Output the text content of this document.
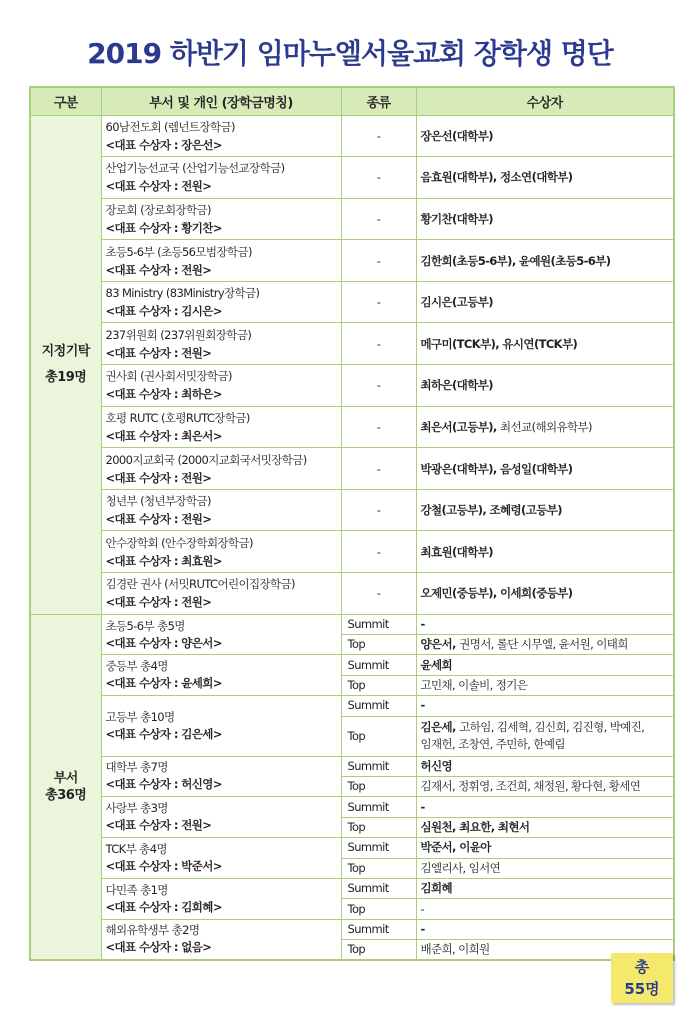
2019 하반기 임마누엘서울교회 장학생 명단
구분	부서 및 개인 (장학금명칭)	종류	수상자
지정기탁
총19명	60남전도회 (렘넌트장학금)
<대표 수상자 : 장은선>	-	장은선(대학부)

	산업기능선교국 (산업기능선교장학금)
<대표 수상자 : 전원>	-	음효원(대학부), 정소연(대학부)

	장로회 (장로회장학금)
<대표 수상자 : 황기찬>	-	황기찬(대학부)

	초등5-6부 (초등56모범장학금)
<대표 수상자 : 전원>	-	김한희(초등5-6부), 윤예원(초등5-6부)

	83 Ministry (83Ministry장학금)
<대표 수상자 : 김시은>	-	김시은(고등부)

	237위원회 (237위원회장학금)
<대표 수상자 : 전원>	-	메구미(TCK부), 유시연(TCK부)

	권사회 (권사회서밋장학금)
<대표 수상자 : 최하은>	-	최하은(대학부)

	호평 RUTC (호평RUTC장학금)
<대표 수상자 : 최은서>	-	최은서(고등부), 최선교(해외유학부)

	2000지교회국 (2000지교회국서밋장학금)
<대표 수상자 : 전원>	-	박광은(대학부), 음성일(대학부)

	청년부 (청년부장학금)
<대표 수상자 : 전원>	-	강철(고등부), 조혜령(고등부)

	안수장학회 (안수장학회장학금)
<대표 수상자 : 최효원>	-	최효원(대학부)

	김경란 권사 (서밋RUTC어린이집장학금)
<대표 수상자 : 전원>	-	오제민(중등부), 이세희(중등부)
부서
총36명	초등5-6부 총5명
<대표 수상자 : 양은서>	Summit	-
		Top	양은서, 권명서, 롤단 시무엘, 윤서원, 이태희

	중등부 총4명
<대표 수상자 : 윤세희>	Summit	윤세희
		Top	고민채, 이솔비, 정기은

	고등부 총10명
<대표 수상자 : 김은세>	Summit	-
		Top	김은세, 고하임, 김세혁, 김신희, 김진형, 박예진,
임재헌, 조창연, 주민하, 한예림

	대학부 총7명
<대표 수상자 : 허신영>	Summit	허신영
		Top	김재서, 정휘영, 조건희, 채정원, 황다현, 황세연

	사랑부 총3명
<대표 수상자 : 전원>	Summit	-
		Top	심원천, 최요한, 최현서

	TCK부 총4명
<대표 수상자 : 박준서>	Summit	박준서, 이윤아
		Top	김엘리사, 임서연

	다민족 총1명
<대표 수상자 : 김희혜>	Summit	김희혜
		Top	-

	해외유학생부 총2명
<대표 수상자 : 없음>	Summit	-
		Top	배준희, 이희원
총
55명
